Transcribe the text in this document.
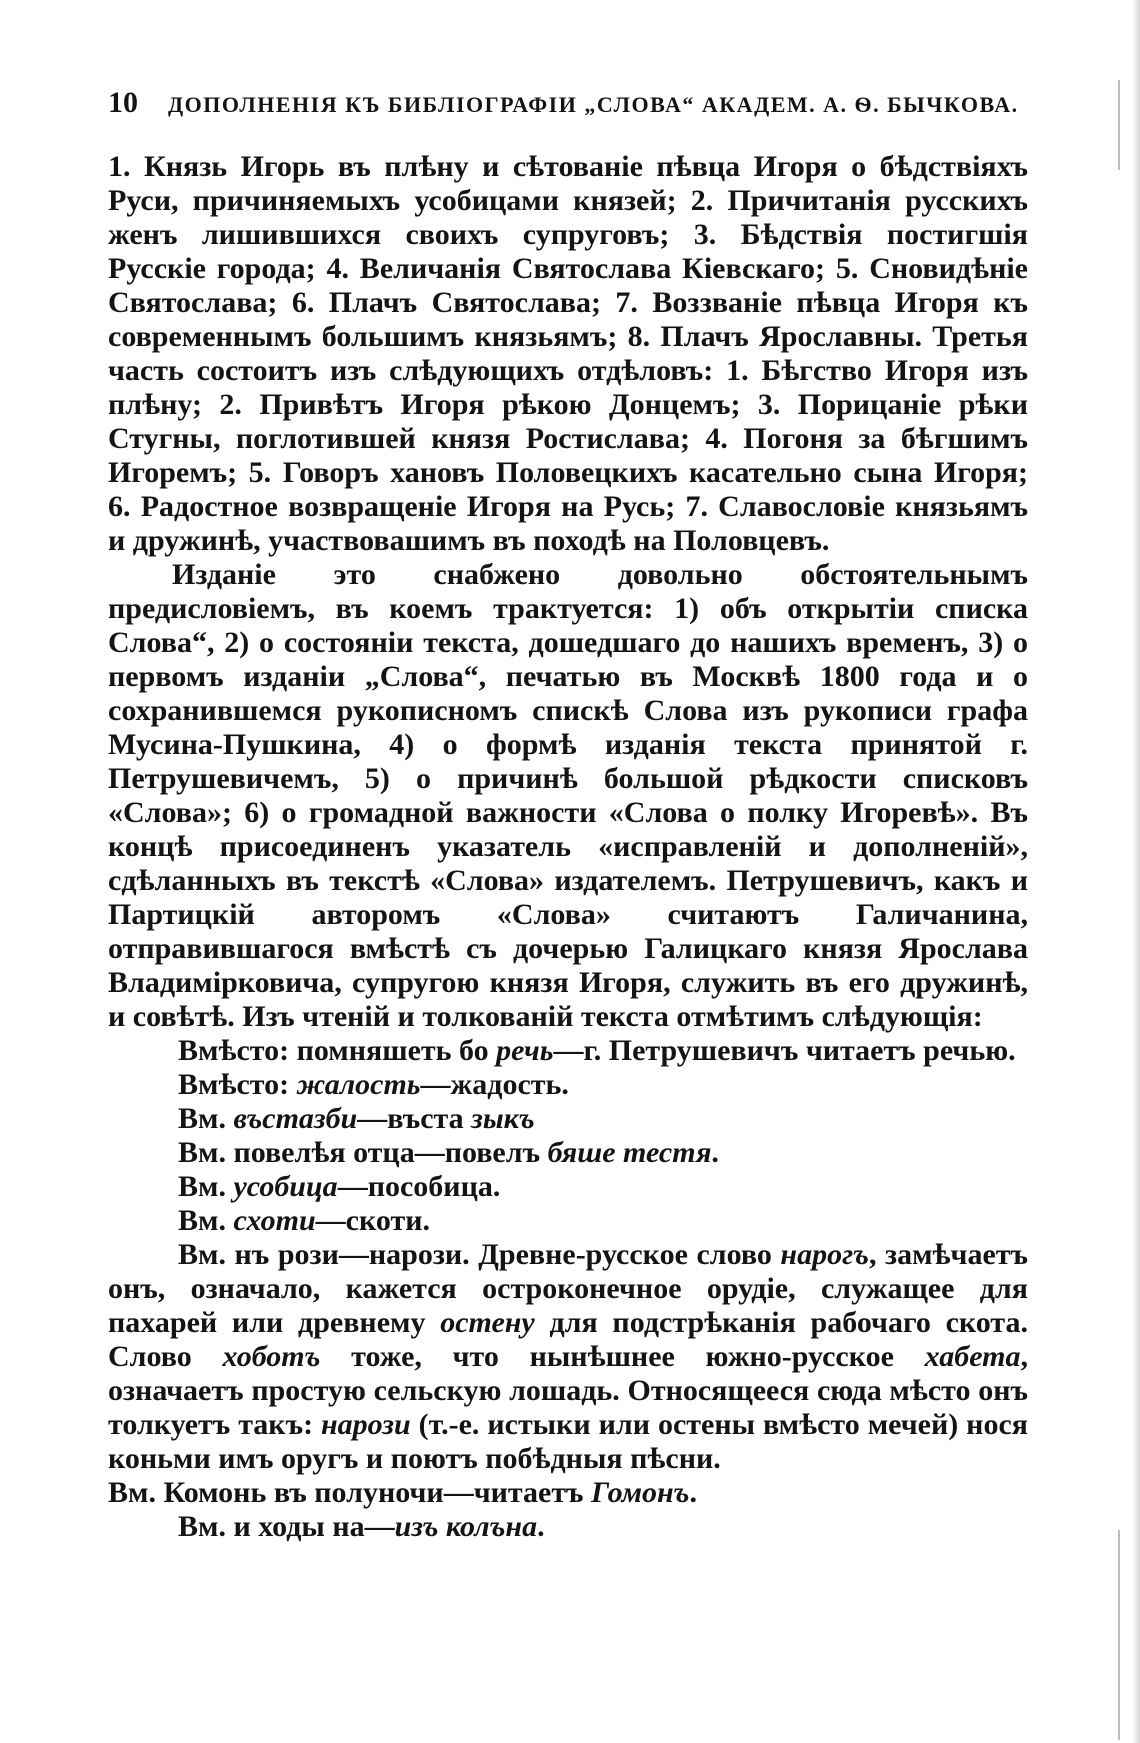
10 ДОПОЛНЕНІЯ КЪ БИБЛІОГРАФІИ „СЛОВА“ АКАДЕМ. А. Ѳ. БЫЧКОВА.

1. Князь Игорь въ плѣну и сѣтованіе пѣвца Игоря о бѣдствіяхъ Руси, причиняемыхъ усобицами князей; 2. Причитанія русскихъ женъ лишившихся своихъ супруговъ; 3. Бѣдствія постигшія Русскіе города; 4. Величанія Святослава Кіевскаго; 5. Сновидѣніе Святослава; 6. Плачъ Святослава; 7. Воззваніе пѣвца Игоря къ современнымъ большимъ князьямъ; 8. Плачъ Ярославны. Третья часть состоитъ изъ слѣдующихъ отдѣловъ: 1. Бѣгство Игоря изъ плѣну; 2. Привѣтъ Игоря рѣкою Донцемъ; 3. Порицаніе рѣки Стугны, поглотившей князя Ростислава; 4. Погоня за бѣгшимъ Игоремъ; 5. Говоръ хановъ Половецкихъ касательно сына Игоря; 6. Радостное возвращеніе Игоря на Русь; 7. Славословіе князьямъ и дружинѣ, участвовашимъ въ походѣ на Половцевъ.

Изданіе это снабжено довольно обстоятельнымъ предисловіемъ, въ коемъ трактуется: 1) объ открытіи списка Слова“, 2) о состояніи текста, дошедшаго до нашихъ временъ, 3) о первомъ изданіи „Слова“, печатью въ Москвѣ 1800 года и о сохранившемся рукописномъ спискѣ Слова изъ рукописи графа Мусина-Пушкина, 4) о формѣ изданія текста принятой г. Петрушевичемъ, 5) о причинѣ большой рѣдкости списковъ «Слова»; 6) о громадной важности «Слова о полку Игоревѣ». Въ концѣ присоединенъ указатель «исправленій и дополненій», сдѣланныхъ въ текстѣ «Слова» издателемъ. Петрушевичъ, какъ и Партицкій авторомъ «Слова» считаютъ Галичанина, отправившагося вмѣстѣ съ дочерью Галицкаго князя Ярослава Владимірковича, супругою князя Игоря, служить въ его дружинѣ, и совѣтѣ. Изъ чтеній и толкованій текста отмѣтимъ слѣдующія:

Вмѣсто: помняшеть бо речь—г. Петрушевичъ читаетъ речью.

Вмѣсто: жалость—жадость.

Вм. въстазби—въста зыкъ

Вм. повелѣя отца—повелъ бяше тестя.

Вм. усобица—пособица.

Вм. схоти—скоти.

Вм. нъ рози—нарози. Древне-русское слово нарогъ, замѣчаетъ онъ, означало, кажется остроконечное орудіе, служащее для пахарей или древнему остену для подстрѣканія рабочаго скота. Слово хоботъ тоже, что нынѣшнее южно-русское хабета, означаетъ простую сельскую лошадь. Относящееся сюда мѣсто онъ толкуетъ такъ: нарози (т.-е. истыки или остены вмѣсто мечей) нося коньми имъ оругъ и поютъ побѣдныя пѣсни.

Вм. Комонь въ полуночи—читаетъ Гомонъ.

Вм. и ходы на—изъ колъна.
